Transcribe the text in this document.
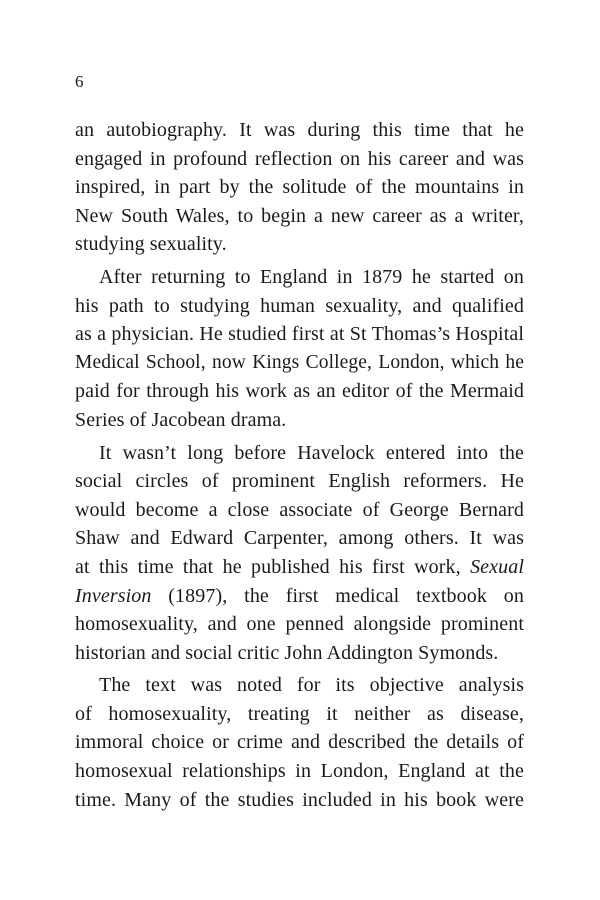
6
an autobiography. It was during this time that he
engaged in profound reflection on his career and was
inspired, in part by the solitude of the mountains in
New South Wales, to begin a new career as a writer,
studying sexuality.
After returning to England in 1879 he started on
his path to studying human sexuality, and qualified
as a physician. He studied first at St Thomas’s Hospital
Medical School, now Kings College, London, which he
paid for through his work as an editor of the Mermaid
Series of Jacobean drama.
It wasn’t long before Havelock entered into the
social circles of prominent English reformers. He
would become a close associate of George Bernard
Shaw and Edward Carpenter, among others. It was
at this time that he published his first work, Sexual
Inversion (1897), the first medical textbook on
homosexuality, and one penned alongside prominent
historian and social critic John Addington Symonds.
The text was noted for its objective analysis
of homosexuality, treating it neither as disease,
immoral choice or crime and described the details of
homosexual relationships in London, England at the
time. Many of the studies included in his book were
